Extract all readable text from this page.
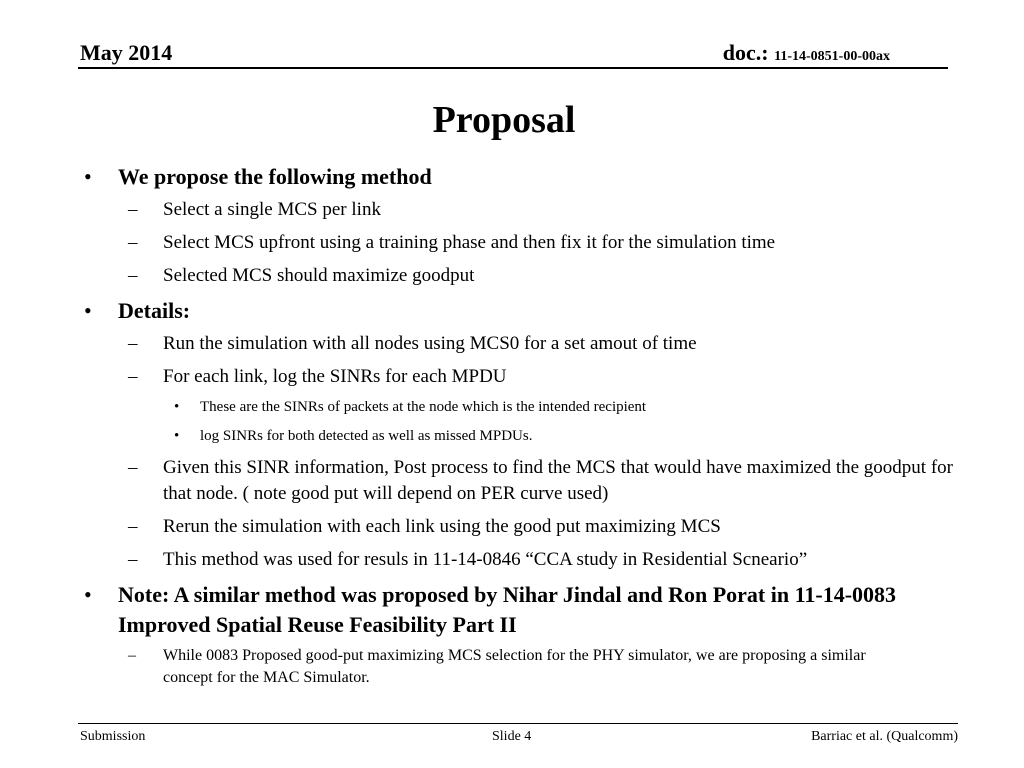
May 2014	doc.: 11-14-0851-00-00ax
Proposal
• We propose the following method
– Select a single MCS per link
– Select MCS upfront using a training phase and then fix it for the simulation time
– Selected MCS should maximize goodput
• Details:
– Run the simulation with all nodes using MCS0 for a set amout of time
– For each link, log the SINRs for each MPDU
• These are the SINRs of packets at the node which is the intended recipient
• log SINRs for both detected as well as missed MPDUs.
– Given this SINR information, Post process to find the MCS that would have maximized the goodput for that node. ( note good put will depend on PER curve used)
– Rerun the simulation with each link using the good put maximizing MCS
– This method was used for resuls in 11-14-0846 “CCA study in Residential Scneario”
• Note: A similar method was proposed by Nihar Jindal and Ron Porat in 11-14-0083 Improved Spatial Reuse Feasibility Part II
– While 0083 Proposed good-put maximizing MCS selection for the PHY simulator, we are proposing a similar concept for the MAC Simulator.
Submission	Slide 4	Barriac et al. (Qualcomm)
